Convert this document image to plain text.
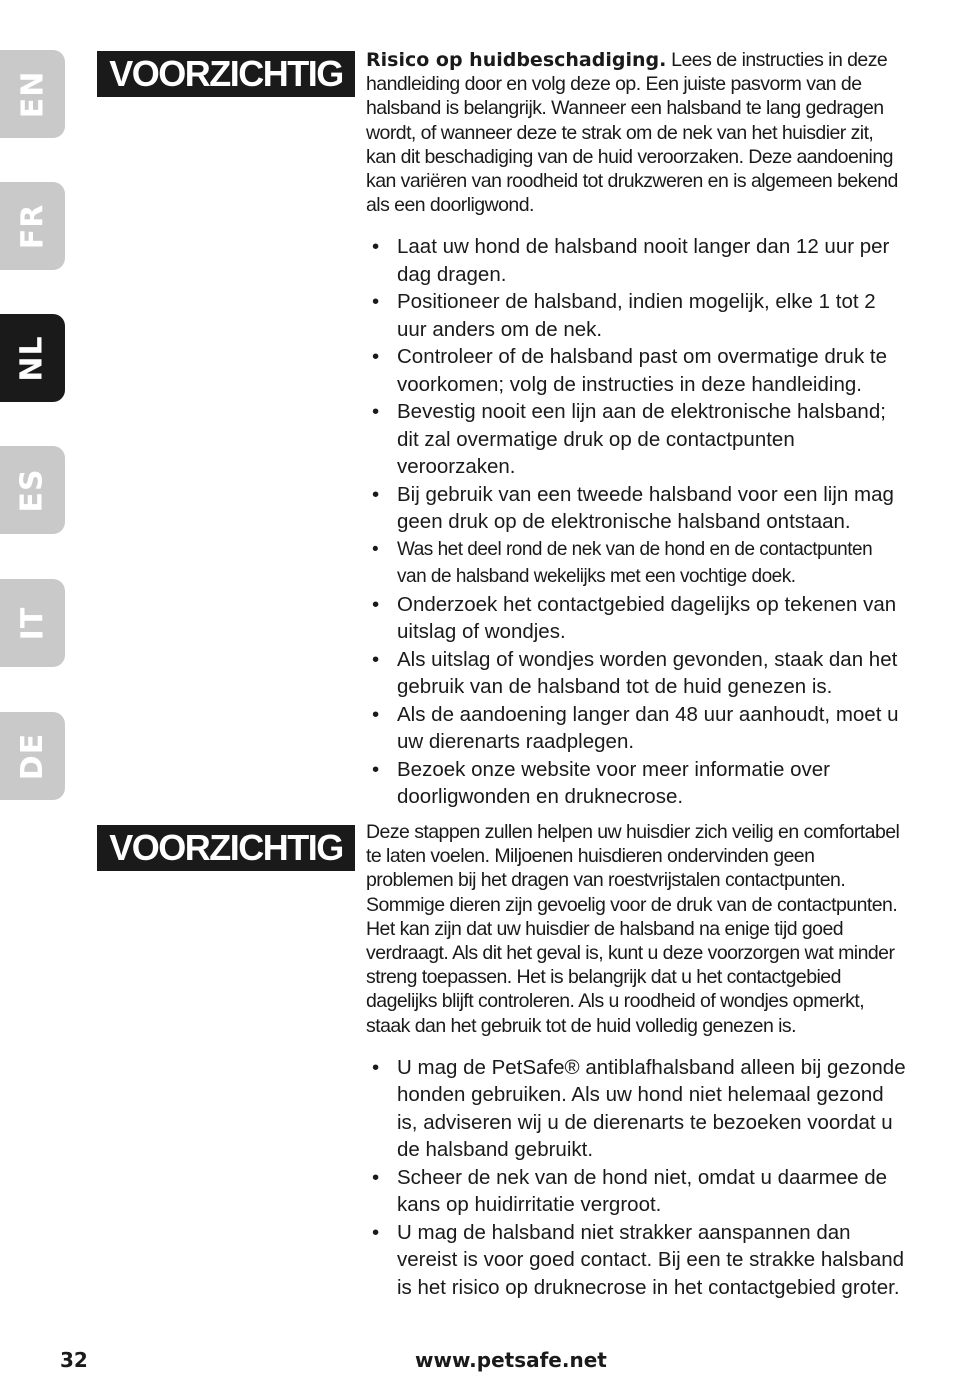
EN
FR
NL
ES
IT
DE
VOORZICHTIG	Risico op huidbeschadiging. Lees de instructies in deze handleiding door en volg deze op. Een juiste pasvorm van de halsband is belangrijk. Wanneer een halsband te lang gedragen wordt, of wanneer deze te strak om de nek van het huisdier zit, kan dit beschadiging van de huid veroorzaken. Deze aandoening kan variëren van roodheid tot drukzweren en is algemeen bekend als een doorligwond.

• Laat uw hond de halsband nooit langer dan 12 uur per dag dragen.
• Positioneer de halsband, indien mogelijk, elke 1 tot 2 uur anders om de nek.
• Controleer of de halsband past om overmatige druk te voorkomen; volg de instructies in deze handleiding.
• Bevestig nooit een lijn aan de elektronische halsband; dit zal overmatige druk op de contactpunten veroorzaken.
• Bij gebruik van een tweede halsband voor een lijn mag geen druk op de elektronische halsband ontstaan.
• Was het deel rond de nek van de hond en de contactpunten van de halsband wekelijks met een vochtige doek.
• Onderzoek het contactgebied dagelijks op tekenen van uitslag of wondjes.
• Als uitslag of wondjes worden gevonden, staak dan het gebruik van de halsband tot de huid genezen is.
• Als de aandoening langer dan 48 uur aanhoudt, moet u uw dierenarts raadplegen.
• Bezoek onze website voor meer informatie over doorligwonden en druknecrose.
VOORZICHTIG	Deze stappen zullen helpen uw huisdier zich veilig en comfortabel te laten voelen. Miljoenen huisdieren ondervinden geen problemen bij het dragen van roestvrijstalen contactpunten. Sommige dieren zijn gevoelig voor de druk van de contactpunten. Het kan zijn dat uw huisdier de halsband na enige tijd goed verdraagt. Als dit het geval is, kunt u deze voorzorgen wat minder streng toepassen. Het is belangrijk dat u het contactgebied dagelijks blijft controleren. Als u roodheid of wondjes opmerkt, staak dan het gebruik tot de huid volledig genezen is.

• U mag de PetSafe® antiblafhalsband alleen bij gezonde honden gebruiken. Als uw hond niet helemaal gezond is, adviseren wij u de dierenarts te bezoeken voordat u de halsband gebruikt.
• Scheer de nek van de hond niet, omdat u daarmee de kans op huidirritatie vergroot.
• U mag de halsband niet strakker aanspannen dan vereist is voor goed contact. Bij een te strakke halsband is het risico op druknecrose in het contactgebied groter.
32	www.petsafe.net
